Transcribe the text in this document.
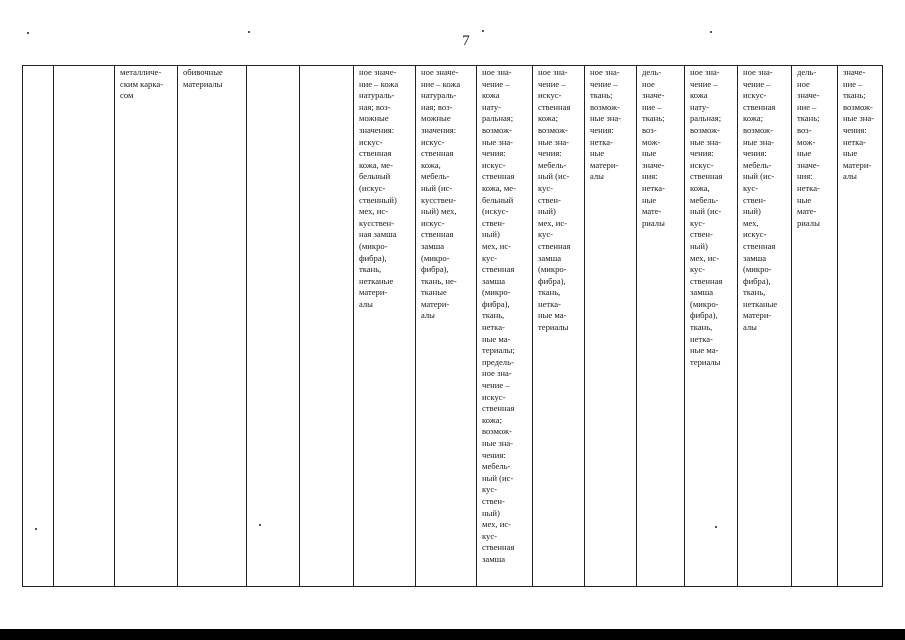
7
		металличе-
ским карка-
сом	обивочные
материалы			ное значе-
ние – кожа
натураль-
ная; воз-
можные
значения:
искус-
ственная
кожа, ме-
бельный
(искус-
ственный)
мех, ис-
кусствен-
ная замша
(микро-
фибра),
ткань,
нетканые
матери-
алы	ное значе-
ние – кожа
натураль-
ная; воз-
можные
значения:
искус-
ственная
кожа,
мебель-
ный (ис-
кусствен-
ный) мех,
искус-
ственная
замша
(микро-
фибра),
ткань, не-
тканые
матери-
алы	ное зна-
чение –
кожа
нату-
ральная;
возмож-
ные зна-
чения:
искус-
ственная
кожа, ме-
бельный
(искус-
ствен-
ный)
мех, ис-
кус-
ственная
замша
(микро-
фибра),
ткань,
нетка-
ные ма-
териалы;
предель-
ное зна-
чение –
искус-
ственная
кожа;
возмож-
ные зна-
чения:
мебель-
ный (ис-
кус-
ствен-
ный)
мех, ис-
кус-
ственная
замша	ное зна-
чение –
искус-
ственная
кожа;
возмож-
ные зна-
чения:
мебель-
ный (ис-
кус-
ствен-
ный)
мех, ис-
кус-
ственная
замша
(микро-
фибра),
ткань,
нетка-
ные ма-
териалы	ное зна-
чение –
ткань;
возмож-
ные зна-
чения:
нетка-
ные
матери-
алы	дель-
ное
значе-
ние –
ткань;
воз-
мож-
ные
значе-
ния:
нетка-
ные
мате-
риалы	ное зна-
чение –
кожа
нату-
ральная;
возмож-
ные зна-
чения:
искус-
ственная
кожа,
мебель-
ный (ис-
кус-
ствен-
ный)
мех, ис-
кус-
ственная
замша
(микро-
фибра),
ткань,
нетка-
ные ма-
териалы	ное зна-
чение –
искус-
ственная
кожа;
возмож-
ные зна-
чения:
мебель-
ный (ис-
кус-
ствен-
ный)
мех,
искус-
ственная
замша
(микро-
фибра),
ткань,
нетканые
матери-
алы	дель-
ное
значе-
ние –
ткань;
воз-
мож-
ные
значе-
ния:
нетка-
ные
мате-
риалы	значе-
ние –
ткань;
возмож-
ные зна-
чения:
нетка-
ные
матери-
алы
